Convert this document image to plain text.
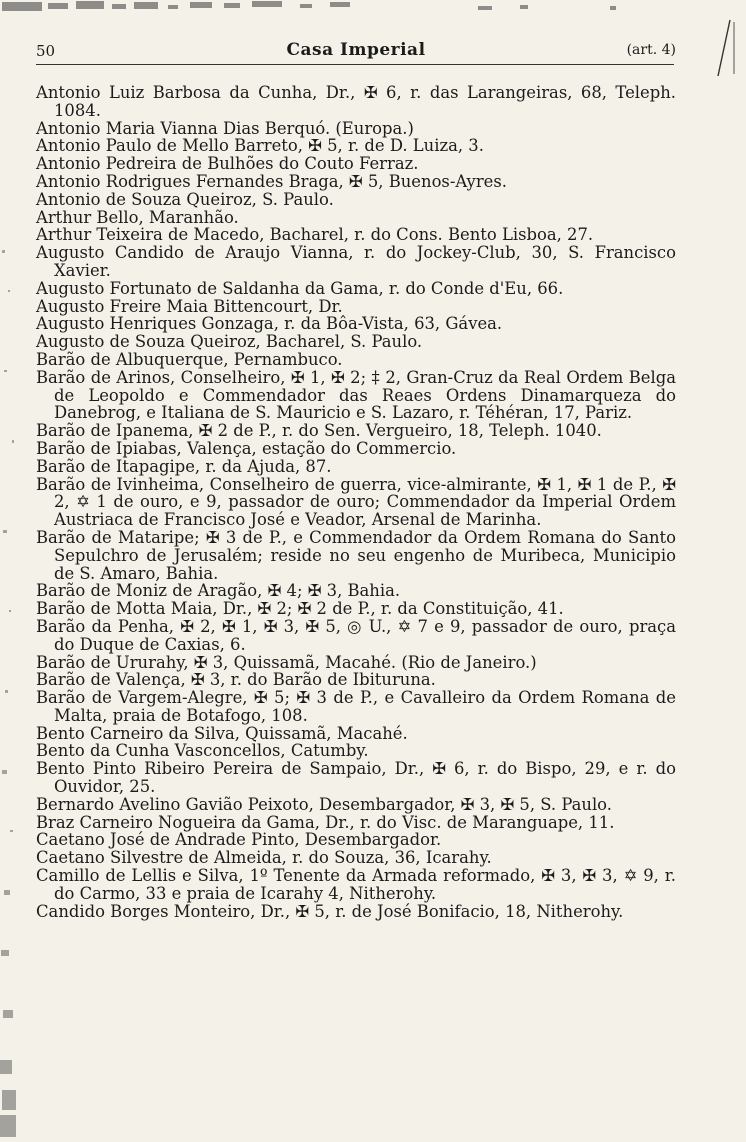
50	Casa Imperial	(art. 4)

Antonio Luiz Barbosa da Cunha, Dr., ✠ 6, r. das Larangeiras, 68, Teleph. 1084.

Antonio Maria Vianna Dias Berquó. (Europa.)

Antonio Paulo de Mello Barreto, ✠ 5, r. de D. Luiza, 3.

Antonio Pedreira de Bulhões do Couto Ferraz.

Antonio Rodrigues Fernandes Braga, ✠ 5, Buenos-Ayres.

Antonio de Souza Queiroz, S. Paulo.

Arthur Bello, Maranhão.

Arthur Teixeira de Macedo, Bacharel, r. do Cons. Bento Lisboa, 27.

Augusto Candido de Araujo Vianna, r. do Jockey-Club, 30, S. Francisco Xavier.

Augusto Fortunato de Saldanha da Gama, r. do Conde d'Eu, 66.

Augusto Freire Maia Bittencourt, Dr.

Augusto Henriques Gonzaga, r. da Bôa-Vista, 63, Gávea.

Augusto de Souza Queiroz, Bacharel, S. Paulo.

Barão de Albuquerque, Pernambuco.

Barão de Arinos, Conselheiro, ✠ 1, ✠ 2; ‡ 2, Gran-Cruz da Real Ordem Belga de Leopoldo e Commendador das Reaes Ordens Dinamarqueza do Danebrog, e Italiana de S. Mauricio e S. Lazaro, r. Téhéran, 17, Pariz.

Barão de Ipanema, ✠ 2 de P., r. do Sen. Vergueiro, 18, Teleph. 1040.

Barão de Ipiabas, Valença, estação do Commercio.

Barão de Itapagipe, r. da Ajuda, 87.

Barão de Ivinheima, Conselheiro de guerra, vice-almirante, ✠ 1, ✠ 1 de P., ✠ 2, ✡ 1 de ouro, e 9, passador de ouro; Commendador da Imperial Ordem Austriaca de Francisco José e Veador, Arsenal de Marinha.

Barão de Mataripe; ✠ 3 de P., e Commendador da Ordem Romana do Santo Sepulchro de Jerusalém; reside no seu engenho de Muribeca, Municipio de S. Amaro, Bahia.

Barão de Moniz de Aragão, ✠ 4; ✠ 3, Bahia.

Barão de Motta Maia, Dr., ✠ 2; ✠ 2 de P., r. da Constituição, 41.

Barão da Penha, ✠ 2, ✠ 1, ✠ 3, ✠ 5, ◎ U., ✡ 7 e 9, passador de ouro, praça do Duque de Caxias, 6.

Barão de Ururahy, ✠ 3, Quissamã, Macahé. (Rio de Janeiro.)

Barão de Valença, ✠ 3, r. do Barão de Ibituruna.

Barão de Vargem-Alegre, ✠ 5; ✠ 3 de P., e Cavalleiro da Ordem Romana de Malta, praia de Botafogo, 108.

Bento Carneiro da Silva, Quissamã, Macahé.

Bento da Cunha Vasconcellos, Catumby.

Bento Pinto Ribeiro Pereira de Sampaio, Dr., ✠ 6, r. do Bispo, 29, e r. do Ouvidor, 25.

Bernardo Avelino Gavião Peixoto, Desembargador, ✠ 3, ✠ 5, S. Paulo.

Braz Carneiro Nogueira da Gama, Dr., r. do Visc. de Maranguape, 11.

Caetano José de Andrade Pinto, Desembargador.

Caetano Silvestre de Almeida, r. do Souza, 36, Icarahy.

Camillo de Lellis e Silva, 1º Tenente da Armada reformado, ✠ 3, ✠ 3, ✡ 9, r. do Carmo, 33 e praia de Icarahy 4, Nitherohy.

Candido Borges Monteiro, Dr., ✠ 5, r. de José Bonifacio, 18, Nitherohy.
